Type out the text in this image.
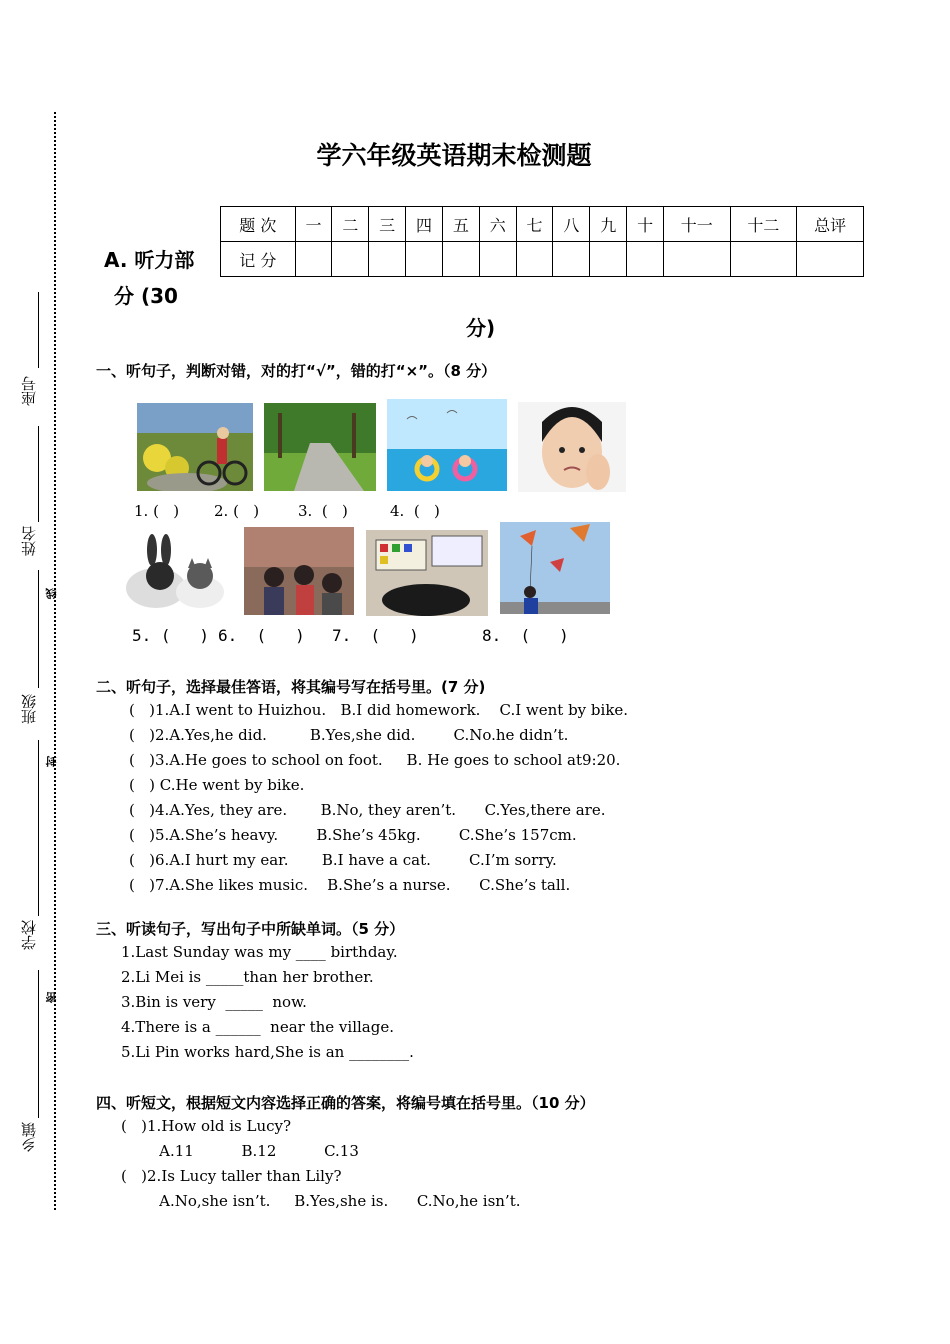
座号
姓名
线
班级
封
学校
密
乡镇
学六年级英语期末检测题
A. 听力部
分 (30
分)
题 次	一	二	三	四	五	六	七	八	九	十	十一	十二	总评
记 分													
一、听句子，判断对错，对的打“√”，错的打“×”。（8 分）
1. (   ) 2. (   )	3.  (   )	4.  (   )
5. (   ) 6.  (   ) 7.  (   )	8.  (   )
二、听句子，选择最佳答语，将其编号写在括号里。(7 分)
(   )1.A.I went to Huizhou.   B.I did homework.    C.I went by bike.
(   )2.A.Yes,he did.         B.Yes,she did.        C.No.he didn’t.
(   )3.A.He goes to school on foot.     B. He goes to school at9:20.
(   ) C.He went by bike.
(   )4.A.Yes, they are.       B.No, they aren’t.      C.Yes,there are.
(   )5.A.She’s heavy.        B.She’s 45kg.        C.She’s 157cm.
(   )6.A.I hurt my ear.       B.I have a cat.        C.I’m sorry.
(   )7.A.She likes music.    B.She’s a nurse.      C.She’s tall.
三、听读句子，写出句子中所缺单词。（5 分）
1.Last Sunday was my ____ birthday.
2.Li Mei is _____than her brother.
3.Bin is very  _____  now.
4.There is a ______  near the village.
5.Li Pin works hard,She is an ________.
四、听短文，根据短文内容选择正确的答案，将编号填在括号里。（10 分）
(   )1.How old is Lucy?
A.11          B.12          C.13
(   )2.Is Lucy taller than Lily?
A.No,she isn’t.     B.Yes,she is.      C.No,he isn’t.
